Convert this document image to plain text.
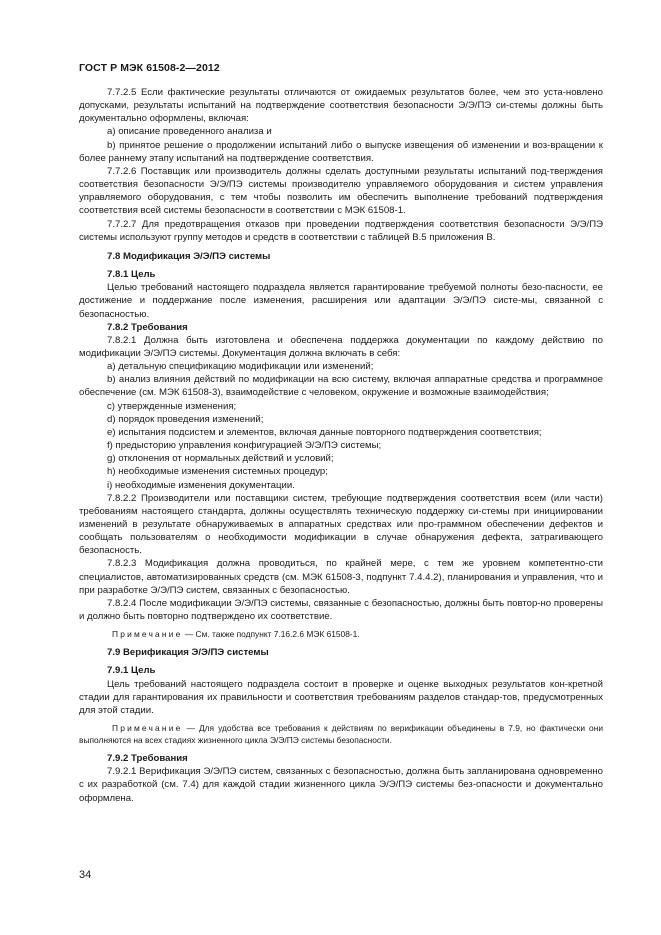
ГОСТ Р МЭК 61508-2—2012

7.7.2.5 Если фактические результаты отличаются от ожидаемых результатов более, чем это уста-новлено допусками, результаты испытаний на подтверждение соответствия безопасности Э/Э/ПЭ си-стемы должны быть документально оформлены, включая:

a) описание проведенного анализа и

b) принятое решение о продолжении испытаний либо о выпуске извещения об изменении и воз-вращении к более раннему этапу испытаний на подтверждение соответствия.

7.7.2.6 Поставщик или производитель должны сделать доступными результаты испытаний под-тверждения соответствия безопасности Э/Э/ПЭ системы производителю управляемого оборудования и систем управления управляемого оборудования, с тем чтобы позволить им обеспечить выполнение требований подтверждения соответствия всей системы безопасности в соответствии с МЭК 61508-1.

7.7.2.7 Для предотвращения отказов при проведении подтверждения соответствия безопасности Э/Э/ПЭ системы используют группу методов и средств в соответствии с таблицей В.5 приложения В.

7.8 Модификация Э/Э/ПЭ системы

7.8.1 Цель

Целью требований настоящего подраздела является гарантирование требуемой полноты безо-пасности, ее достижение и поддержание после изменения, расширения или адаптации Э/Э/ПЭ систе-мы, связанной с безопасностью.

7.8.2 Требования

7.8.2.1 Должна быть изготовлена и обеспечена поддержка документации по каждому действию по модификации Э/Э/ПЭ системы. Документация должна включать в себя:

a) детальную спецификацию модификации или изменений;

b) анализ влияния действий по модификации на всю систему, включая аппаратные средства и программное обеспечение (см. МЭК 61508-3), взаимодействие с человеком, окружение и возможные взаимодействия;

c) утвержденные изменения;

d) порядок проведения изменений;

e) испытания подсистем и элементов, включая данные повторного подтверждения соответствия;

f) предысторию управления конфигурацией Э/Э/ПЭ системы;

g) отклонения от нормальных действий и условий;

h) необходимые изменения системных процедур;

i) необходимые изменения документации.

7.8.2.2 Производители или поставщики систем, требующие подтверждения соответствия всем (или части) требованиям настоящего стандарта, должны осуществлять техническую поддержку си-стемы при инициировании изменений в результате обнаруживаемых в аппаратных средствах или про-граммном обеспечении дефектов и сообщать пользователям о необходимости модификации в случае обнаружения дефекта, затрагивающего безопасность.

7.8.2.3 Модификация должна проводиться, по крайней мере, с тем же уровнем компетентно-сти специалистов, автоматизированных средств (см. МЭК 61508-3, подпункт 7.4.4.2), планирования и управления, что и при разработке Э/Э/ПЭ систем, связанных с безопасностью.

7.8.2.4 После модификации Э/Э/ПЭ системы, связанные с безопасностью, должны быть повтор-но проверены и должно быть повторно подтверждено их соответствие.

Примечание — См. также подпункт 7.16.2.6 МЭК 61508-1.

7.9 Верификация Э/Э/ПЭ системы

7.9.1 Цель

Цель требований настоящего подраздела состоит в проверке и оценке выходных результатов кон-кретной стадии для гарантирования их правильности и соответствия требованиям разделов стандар-тов, предусмотренных для этой стадии.

Примечание — Для удобства все требования к действиям по верификации объединены в 7.9, но фактически они выполняются на всех стадиях жизненного цикла Э/Э/ПЭ системы безопасности.

7.9.2 Требования

7.9.2.1 Верификация Э/Э/ПЭ систем, связанных с безопасностью, должна быть запланирована одновременно с их разработкой (см. 7.4) для каждой стадии жизненного цикла Э/Э/ПЭ системы без-опасности и документально оформлена.

34
